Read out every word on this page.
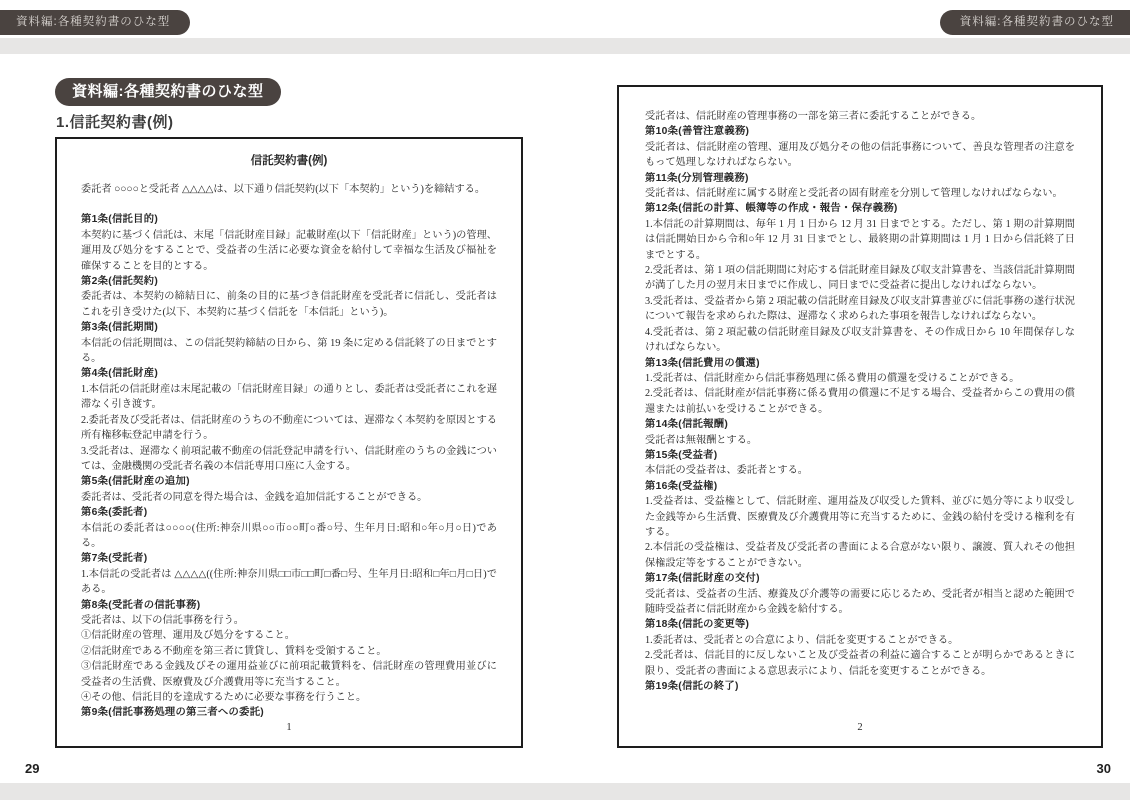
資料編:各種契約書のひな型	資料編:各種契約書のひな型
資料編:各種契約書のひな型
1.信託契約書(例)
信託契約書(例)
委託者 ○○○○と受託者 △△△△は、以下通り信託契約(以下「本契約」という)を締結する。
第1条(信託目的)
本契約に基づく信託は、末尾「信託財産目録」記載財産(以下「信託財産」という)の管理、運用及び処分をすることで、受益者の生活に必要な資金を給付して幸福な生活及び福祉を確保することを目的とする。
第2条(信託契約)
委託者は、本契約の締結日に、前条の目的に基づき信託財産を受託者に信託し、受託者はこれを引き受けた(以下、本契約に基づく信託を「本信託」という)。
第3条(信託期間)
本信託の信託期間は、この信託契約締結の日から、第 19 条に定める信託終了の日までとする。
第4条(信託財産)
1.本信託の信託財産は末尾記載の「信託財産目録」の通りとし、委託者は受託者にこれを遅滞なく引き渡す。
2.委託者及び受託者は、信託財産のうちの不動産については、遅滞なく本契約を原因とする所有権移転登記申請を行う。
3.受託者は、遅滞なく前項記載不動産の信託登記申請を行い、信託財産のうちの金銭については、金融機関の受託者名義の本信託専用口座に入金する。
第5条(信託財産の追加)
委託者は、受託者の同意を得た場合は、金銭を追加信託することができる。
第6条(委託者)
本信託の委託者は○○○○(住所:神奈川県○○市○○町○番○号、生年月日:昭和○年○月○日)である。
第7条(受託者)
1.本信託の受託者は △△△△((住所:神奈川県□□市□□町□番□号、生年月日:昭和□年□月□日)である。
第8条(受託者の信託事務)
受託者は、以下の信託事務を行う。
①信託財産の管理、運用及び処分をすること。
②信託財産である不動産を第三者に賃貸し、賃料を受領すること。
③信託財産である金銭及びその運用益並びに前項記載賃料を、信託財産の管理費用並びに受益者の生活費、医療費及び介護費用等に充当すること。
④その他、信託目的を達成するために必要な事務を行うこと。
第9条(信託事務処理の第三者への委託)
1
受託者は、信託財産の管理事務の一部を第三者に委託することができる。
第10条(善管注意義務)
受託者は、信託財産の管理、運用及び処分その他の信託事務について、善良な管理者の注意をもって処理しなければならない。
第11条(分別管理義務)
受託者は、信託財産に属する財産と受託者の固有財産を分別して管理しなければならない。
第12条(信託の計算、帳簿等の作成・報告・保存義務)
1.本信託の計算期間は、毎年 1 月 1 日から 12 月 31 日までとする。ただし、第 1 期の計算期間は信託開始日から令和○年 12 月 31 日までとし、最終期の計算期間は 1 月 1 日から信託終了日までとする。
2.受託者は、第 1 項の信託期間に対応する信託財産目録及び収支計算書を、当該信託計算期間が満了した月の翌月末日までに作成し、同日までに受益者に提出しなければならない。
3.受託者は、受益者から第 2 項記載の信託財産目録及び収支計算書並びに信託事務の遂行状況について報告を求められた際は、遅滞なく求められた事項を報告しなければならない。
4.受託者は、第 2 項記載の信託財産目録及び収支計算書を、その作成日から 10 年間保存しなければならない。
第13条(信託費用の償還)
1.受託者は、信託財産から信託事務処理に係る費用の償還を受けることができる。
2.受託者は、信託財産が信託事務に係る費用の償還に不足する場合、受益者からこの費用の償還または前払いを受けることができる。
第14条(信託報酬)
受託者は無報酬とする。
第15条(受益者)
本信託の受益者は、委託者とする。
第16条(受益権)
1.受益者は、受益権として、信託財産、運用益及び収受した賃料、並びに処分等により収受した金銭等から生活費、医療費及び介護費用等に充当するために、金銭の給付を受ける権利を有する。
2.本信託の受益権は、受益者及び受託者の書面による合意がない限り、譲渡、質入れその他担保権設定等をすることができない。
第17条(信託財産の交付)
受託者は、受益者の生活、療養及び介護等の需要に応じるため、受託者が相当と認めた範囲で随時受益者に信託財産から金銭を給付する。
第18条(信託の変更等)
1.委託者は、受託者との合意により、信託を変更することができる。
2.受託者は、信託目的に反しないこと及び受益者の利益に適合することが明らかであるときに限り、受託者の書面による意思表示により、信託を変更することができる。
第19条(信託の終了)
2
29	30
